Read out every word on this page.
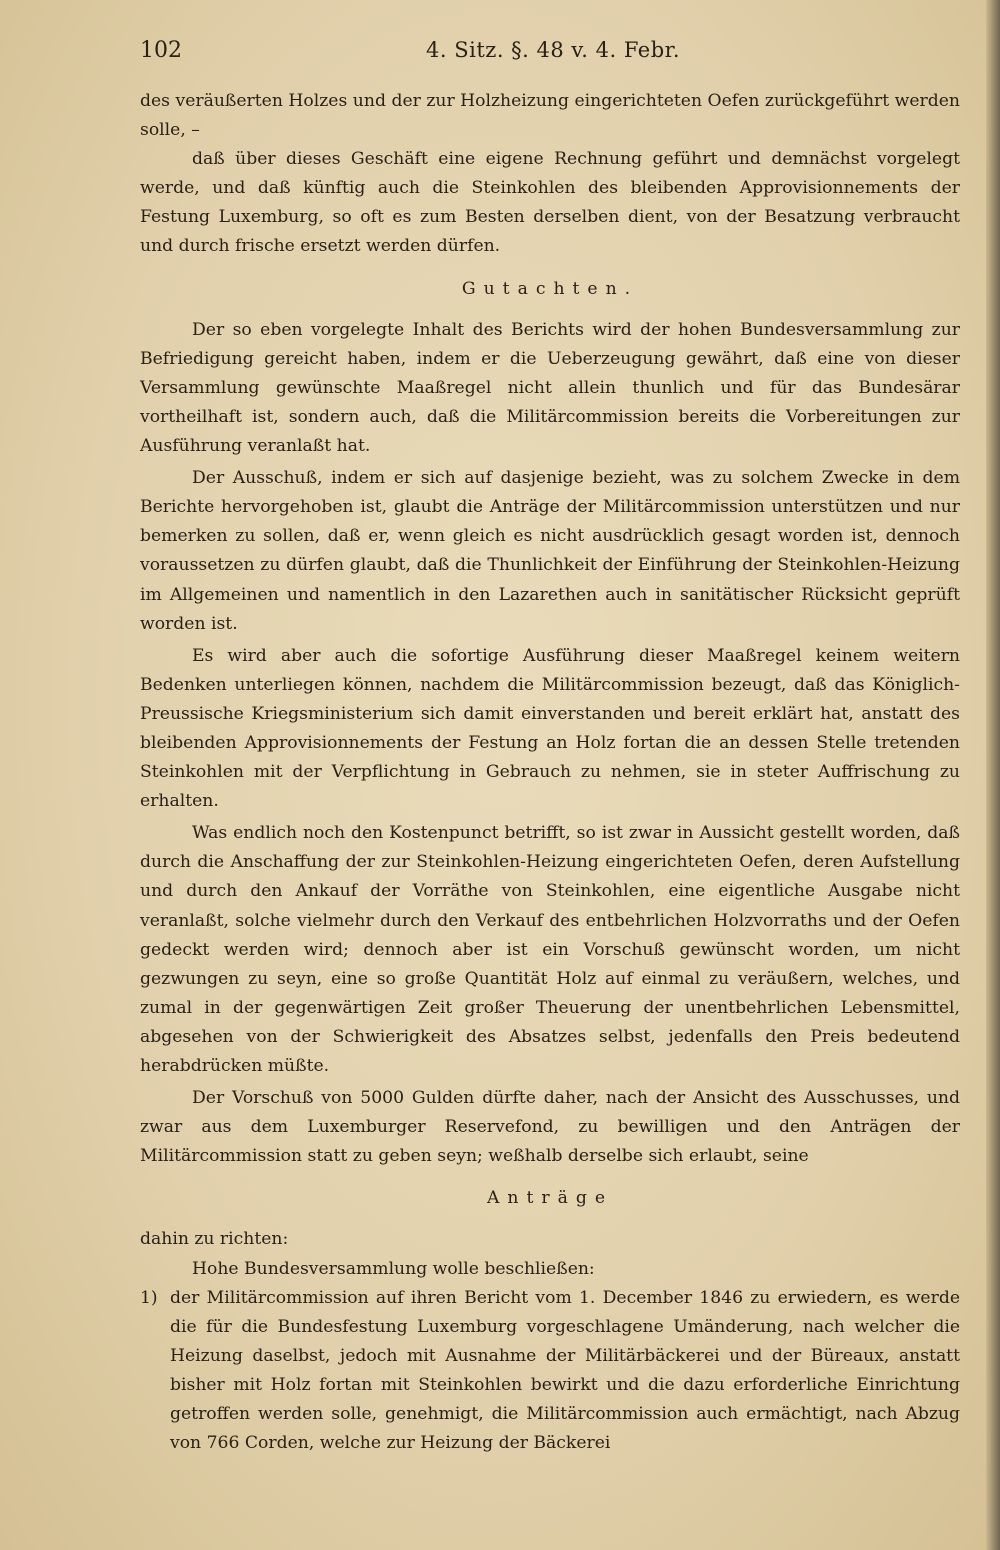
102	4. Sitz. §. 48 v. 4. Febr.

des veräußerten Holzes und der zur Holzheizung eingerichteten Oefen zurückgeführt werden solle, –

daß über dieses Geschäft eine eigene Rechnung geführt und demnächst vorgelegt werde, und daß künftig auch die Steinkohlen des bleibenden Approvisionnements der Festung Luxemburg, so oft es zum Besten derselben dient, von der Besatzung verbraucht und durch frische ersetzt werden dürfen.

Gutachten.

Der so eben vorgelegte Inhalt des Berichts wird der hohen Bundesversammlung zur Befriedigung gereicht haben, indem er die Ueberzeugung gewährt, daß eine von dieser Versammlung gewünschte Maaßregel nicht allein thunlich und für das Bundesärar vortheilhaft ist, sondern auch, daß die Militärcommission bereits die Vorbereitungen zur Ausführung veranlaßt hat.

Der Ausschuß, indem er sich auf dasjenige bezieht, was zu solchem Zwecke in dem Berichte hervorgehoben ist, glaubt die Anträge der Militärcommission unterstützen und nur bemerken zu sollen, daß er, wenn gleich es nicht ausdrücklich gesagt worden ist, dennoch voraussetzen zu dürfen glaubt, daß die Thunlichkeit der Einführung der Steinkohlen-Heizung im Allgemeinen und namentlich in den Lazarethen auch in sanitätischer Rücksicht geprüft worden ist.

Es wird aber auch die sofortige Ausführung dieser Maaßregel keinem weitern Bedenken unterliegen können, nachdem die Militärcommission bezeugt, daß das Königlich-Preussische Kriegsministerium sich damit einverstanden und bereit erklärt hat, anstatt des bleibenden Approvisionnements der Festung an Holz fortan die an dessen Stelle tretenden Steinkohlen mit der Verpflichtung in Gebrauch zu nehmen, sie in steter Auffrischung zu erhalten.

Was endlich noch den Kostenpunct betrifft, so ist zwar in Aussicht gestellt worden, daß durch die Anschaffung der zur Steinkohlen-Heizung eingerichteten Oefen, deren Aufstellung und durch den Ankauf der Vorräthe von Steinkohlen, eine eigentliche Ausgabe nicht veranlaßt, solche vielmehr durch den Verkauf des entbehrlichen Holzvorraths und der Oefen gedeckt werden wird; dennoch aber ist ein Vorschuß gewünscht worden, um nicht gezwungen zu seyn, eine so große Quantität Holz auf einmal zu veräußern, welches, und zumal in der gegenwärtigen Zeit großer Theuerung der unentbehrlichen Lebensmittel, abgesehen von der Schwierigkeit des Absatzes selbst, jedenfalls den Preis bedeutend herabdrücken müßte.

Der Vorschuß von 5000 Gulden dürfte daher, nach der Ansicht des Ausschusses, und zwar aus dem Luxemburger Reservefond, zu bewilligen und den Anträgen der Militärcommission statt zu geben seyn; weßhalb derselbe sich erlaubt, seine

Anträge

dahin zu richten:

Hohe Bundesversammlung wolle beschließen:

1) der Militärcommission auf ihren Bericht vom 1. December 1846 zu erwiedern, es werde die für die Bundesfestung Luxemburg vorgeschlagene Umänderung, nach welcher die Heizung daselbst, jedoch mit Ausnahme der Militärbäckerei und der Büreaux, anstatt bisher mit Holz fortan mit Steinkohlen bewirkt und die dazu erforderliche Einrichtung getroffen werden solle, genehmigt, die Militärcommission auch ermächtigt, nach Abzug von 766 Corden, welche zur Heizung der Bäckerei
